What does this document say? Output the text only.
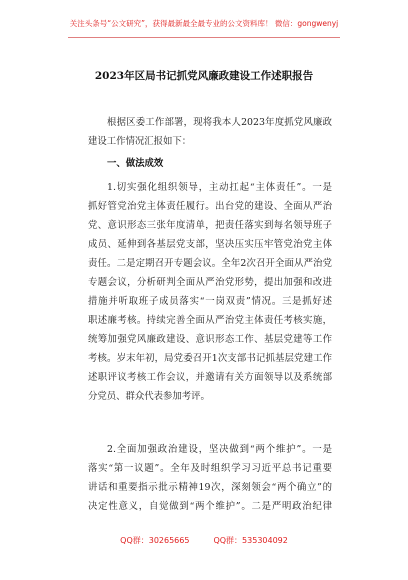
关注头条号“公文研究”，获得最新最全最专业的公文资料库！ 微信：gongwenyj
2023年区局书记抓党风廉政建设工作述职报告
根据区委工作部署，现将我本人2023年度抓党风廉政
建设工作情况汇报如下：
一、做法成效
1.切实强化组织领导，主动扛起“主体责任”。一是
抓好管党治党主体责任履行。出台党的建设、全面从严治
党、意识形态三张年度清单，把责任落实到每名领导班子
成员、延伸到各基层党支部，坚决压实压牢管党治党主体
责任。二是定期召开专题会议。全年2次召开全面从严治党
专题会议，分析研判全面从严治党形势，提出加强和改进
措施并听取班子成员落实“一岗双责”情况。三是抓好述
职述廉考核。持续完善全面从严治党主体责任考核实施，
统筹加强党风廉政建设、意识形态工作、基层党建等工作
考核。岁末年初，局党委召开1次支部书记抓基层党建工作
述职评议考核工作会议，并邀请有关方面领导以及系统部
分党员、群众代表参加考评。
2.全面加强政治建设，坚决做到“两个维护”。一是
落实“第一议题”。全年及时组织学习习近平总书记重要
讲话和重要指示批示精神19次，深刻领会“两个确立”的
决定性意义，自觉做到“两个维护”。二是严明政治纪律
QQ群：30265665	QQ群：535304092
